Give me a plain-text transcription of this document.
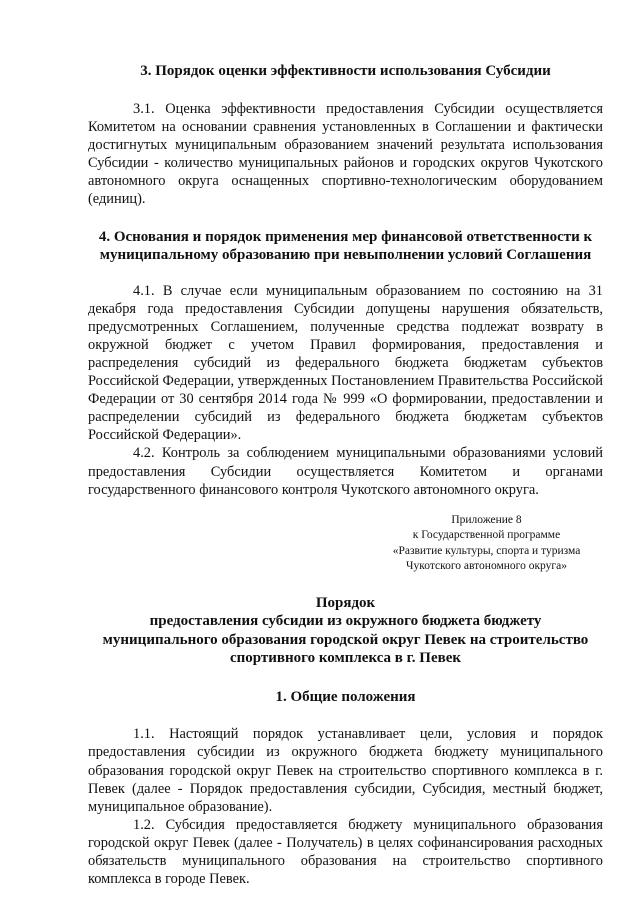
3. Порядок оценки эффективности использования Субсидии

3.1. Оценка эффективности предоставления Субсидии осуществляется Комитетом на основании сравнения установленных в Соглашении и фактически достигнутых муниципальным образованием значений результата использования Субсидии - количество муниципальных районов и городских округов Чукотского автономного округа оснащенных спортивно-технологическим оборудованием (единиц).

4. Основания и порядок применения мер финансовой ответственности к муниципальному образованию при невыполнении условий Соглашения

4.1. В случае если муниципальным образованием по состоянию на 31 декабря года предоставления Субсидии допущены нарушения обязательств, предусмотренных Соглашением, полученные средства подлежат возврату в окружной бюджет с учетом Правил формирования, предоставления и распределения субсидий из федерального бюджета бюджетам субъектов Российской Федерации, утвержденных Постановлением Правительства Российской Федерации от 30 сентября 2014 года № 999 «О формировании, предоставлении и распределении субсидий из федерального бюджета бюджетам субъектов Российской Федерации».

4.2. Контроль за соблюдением муниципальными образованиями условий предоставления Субсидии осуществляется Комитетом и органами государственного финансового контроля Чукотского автономного округа.

Приложение 8
к Государственной программе
«Развитие культуры, спорта и туризма
Чукотского автономного округа»
Порядок
предоставления субсидии из окружного бюджета бюджету
муниципального образования городской округ Певек на строительство
спортивного комплекса в г. Певек

1. Общие положения

1.1. Настоящий порядок устанавливает цели, условия и порядок предоставления субсидии из окружного бюджета бюджету муниципального образования городской округ Певек на строительство спортивного комплекса в г. Певек (далее - Порядок предоставления субсидии, Субсидия, местный бюджет, муниципальное образование).

1.2. Субсидия предоставляется бюджету муниципального образования городской округ Певек (далее - Получатель) в целях софинансирования расходных обязательств муниципального образования на строительство спортивного комплекса в городе Певек.
